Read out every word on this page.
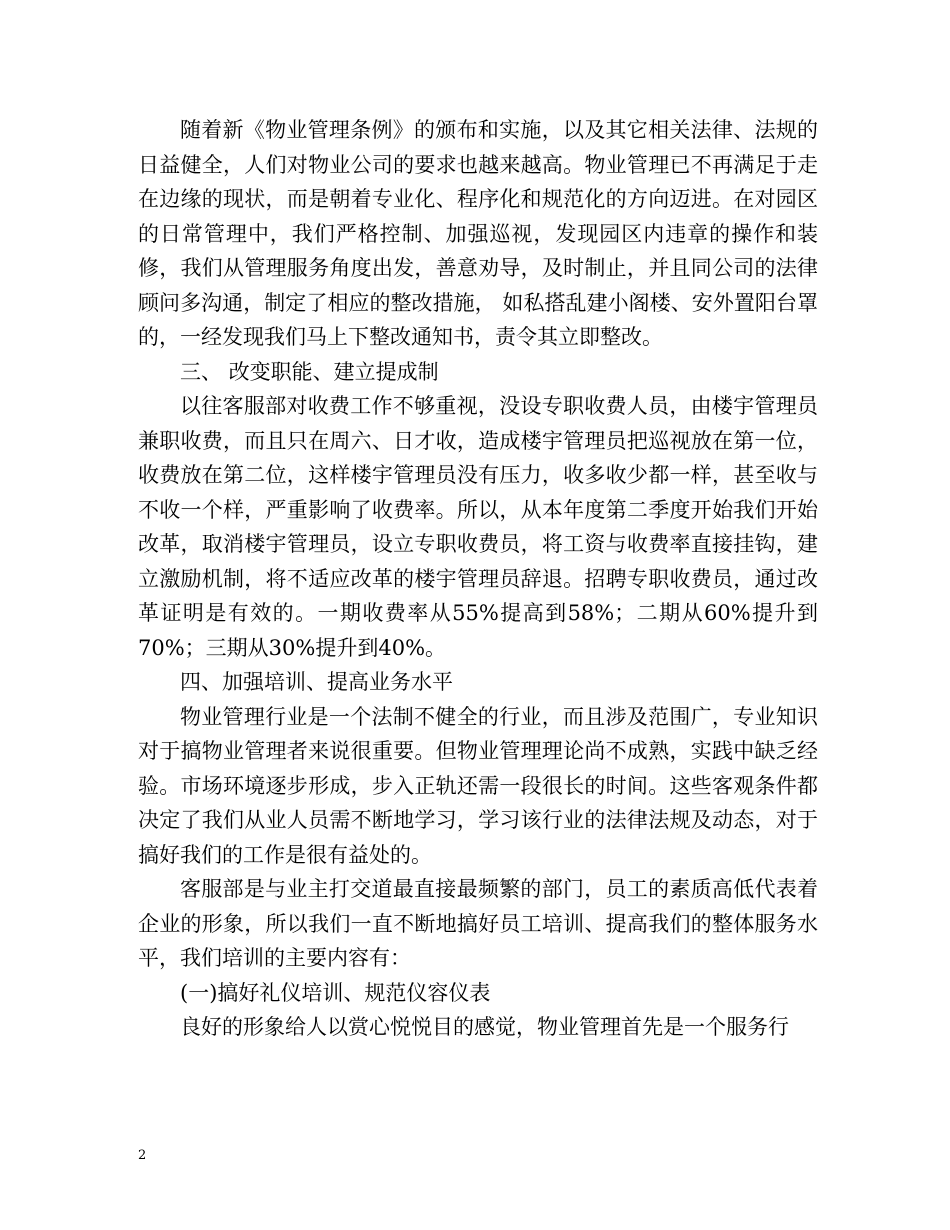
随着新《物业管理条例》的颁布和实施，以及其它相关法律、法规的日益健全，人们对物业公司的要求也越来越高。物业管理已不再满足于走在边缘的现状，而是朝着专业化、程序化和规范化的方向迈进。在对园区的日常管理中，我们严格控制、加强巡视，发现园区内违章的操作和装修，我们从管理服务角度出发，善意劝导，及时制止，并且同公司的法律顾问多沟通，制定了相应的整改措施， 如私搭乱建小阁楼、安外置阳台罩的，一经发现我们马上下整改通知书，责令其立即整改。

三、 改变职能、建立提成制

以往客服部对收费工作不够重视，没设专职收费人员，由楼宇管理员兼职收费，而且只在周六、日才收，造成楼宇管理员把巡视放在第一位，收费放在第二位，这样楼宇管理员没有压力，收多收少都一样，甚至收与不收一个样，严重影响了收费率。所以，从本年度第二季度开始我们开始改革，取消楼宇管理员，设立专职收费员，将工资与收费率直接挂钩，建立激励机制，将不适应改革的楼宇管理员辞退。招聘专职收费员，通过改革证明是有效的。一期收费率从55%提高到58%；二期从60%提升到70%；三期从30%提升到40%。

四、加强培训、提高业务水平

物业管理行业是一个法制不健全的行业，而且涉及范围广，专业知识对于搞物业管理者来说很重要。但物业管理理论尚不成熟，实践中缺乏经验。市场环境逐步形成，步入正轨还需一段很长的时间。这些客观条件都决定了我们从业人员需不断地学习，学习该行业的法律法规及动态，对于搞好我们的工作是很有益处的。

客服部是与业主打交道最直接最频繁的部门，员工的素质高低代表着企业的形象，所以我们一直不断地搞好员工培训、提高我们的整体服务水平，我们培训的主要内容有：

(一)搞好礼仪培训、规范仪容仪表

良好的形象给人以赏心悦悦目的感觉，物业管理首先是一个服务行

2
